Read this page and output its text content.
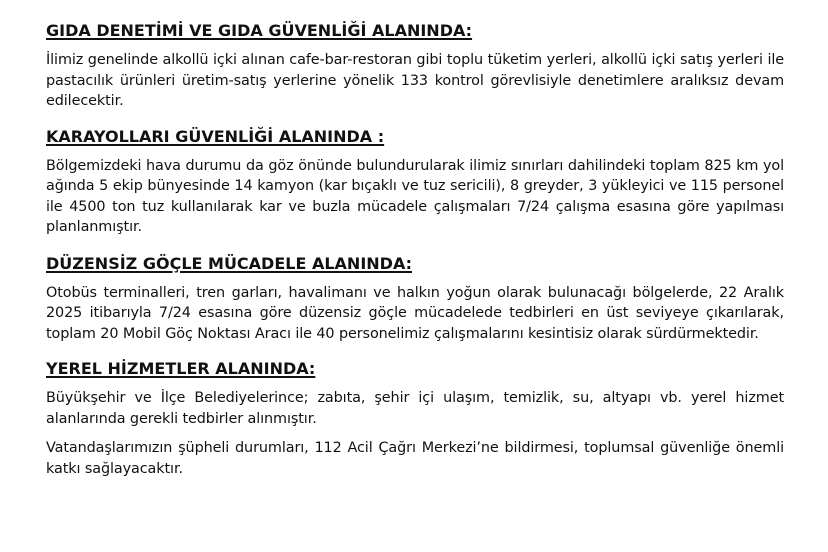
GIDA DENETİMİ VE GIDA GÜVENLİĞİ ALANINDA:

İlimiz genelinde alkollü içki alınan cafe-bar-restoran gibi toplu tüketim yerleri, alkollü içki satış yerleri ile pastacılık ürünleri üretim-satış yerlerine yönelik 133 kontrol görevlisiyle denetimlere aralıksız devam edilecektir.

KARAYOLLARI GÜVENLİĞİ ALANINDA :

Bölgemizdeki hava durumu da göz önünde bulundurularak ilimiz sınırları dahilindeki toplam 825 km yol ağında 5 ekip bünyesinde 14 kamyon (kar bıçaklı ve tuz sericili), 8 greyder, 3 yükleyici ve 115 personel ile 4500 ton tuz kullanılarak kar ve buzla mücadele çalışmaları 7/24 çalışma esasına göre yapılması planlanmıştır.

DÜZENSİZ GÖÇLE MÜCADELE ALANINDA:

Otobüs terminalleri, tren garları, havalimanı ve halkın yoğun olarak bulunacağı bölgelerde, 22 Aralık 2025 itibarıyla 7/24 esasına göre düzensiz göçle mücadelede tedbirleri en üst seviyeye çıkarılarak, toplam 20 Mobil Göç Noktası Aracı ile 40 personelimiz çalışmalarını kesintisiz olarak sürdürmektedir.

YEREL HİZMETLER ALANINDA:

Büyükşehir ve İlçe Belediyelerince; zabıta, şehir içi ulaşım, temizlik, su, altyapı vb. yerel hizmet alanlarında gerekli tedbirler alınmıştır.

Vatandaşlarımızın şüpheli durumları, 112 Acil Çağrı Merkezi’ne bildirmesi, toplumsal güvenliğe önemli katkı sağlayacaktır.
